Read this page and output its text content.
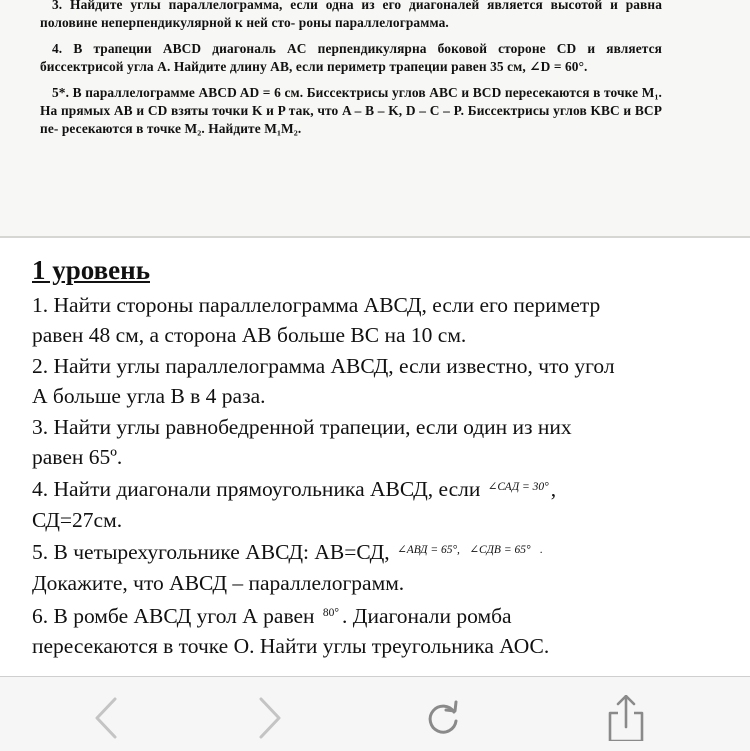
3. Найдите углы параллелограмма, если одна из его диагоналей является высотой и равна половине неперпендикулярной к ней сто- роны параллелограмма.

4. В трапеции ABCD диагональ AC перпендикулярна боковой стороне CD и является биссектрисой угла A. Найдите длину AB, если периметр трапеции равен 35 см, ∠D = 60°.

5*. В параллелограмме ABCD AD = 6 см. Биссектрисы углов ABC и BCD пересекаются в точке M₁. На прямых AB и CD взяты точки K и P так, что A – B – K, D – C – P. Биссектрисы углов KBC и BCP пе- ресекаются в точке M₂. Найдите M₁M₂.

1 уровень
1. Найти стороны параллелограмма АВСД, если его периметр
равен 48 см, а сторона АВ больше ВС на 10 см.
2. Найти углы параллелограмма АВСД, если известно, что угол
А больше угла В в 4 раза.
3. Найти углы равнобедренной трапеции, если один из них
равен 65º.
4. Найти диагонали прямоугольника АВСД, если $^{\angle САД = 30^\circ}$,
СД=27см.
5. В четырехугольнике АВСД: АВ=СД, $^{\angle АВД = 65^\circ,}$ $^{\angle СДВ = 65^\circ}$ .
Докажите, что АВСД – параллелограмм.
6. В ромбе АВСД угол А равен $^{80^\circ}$ . Диагонали ромба
пересекаются в точке О. Найти углы треугольника АОС.
